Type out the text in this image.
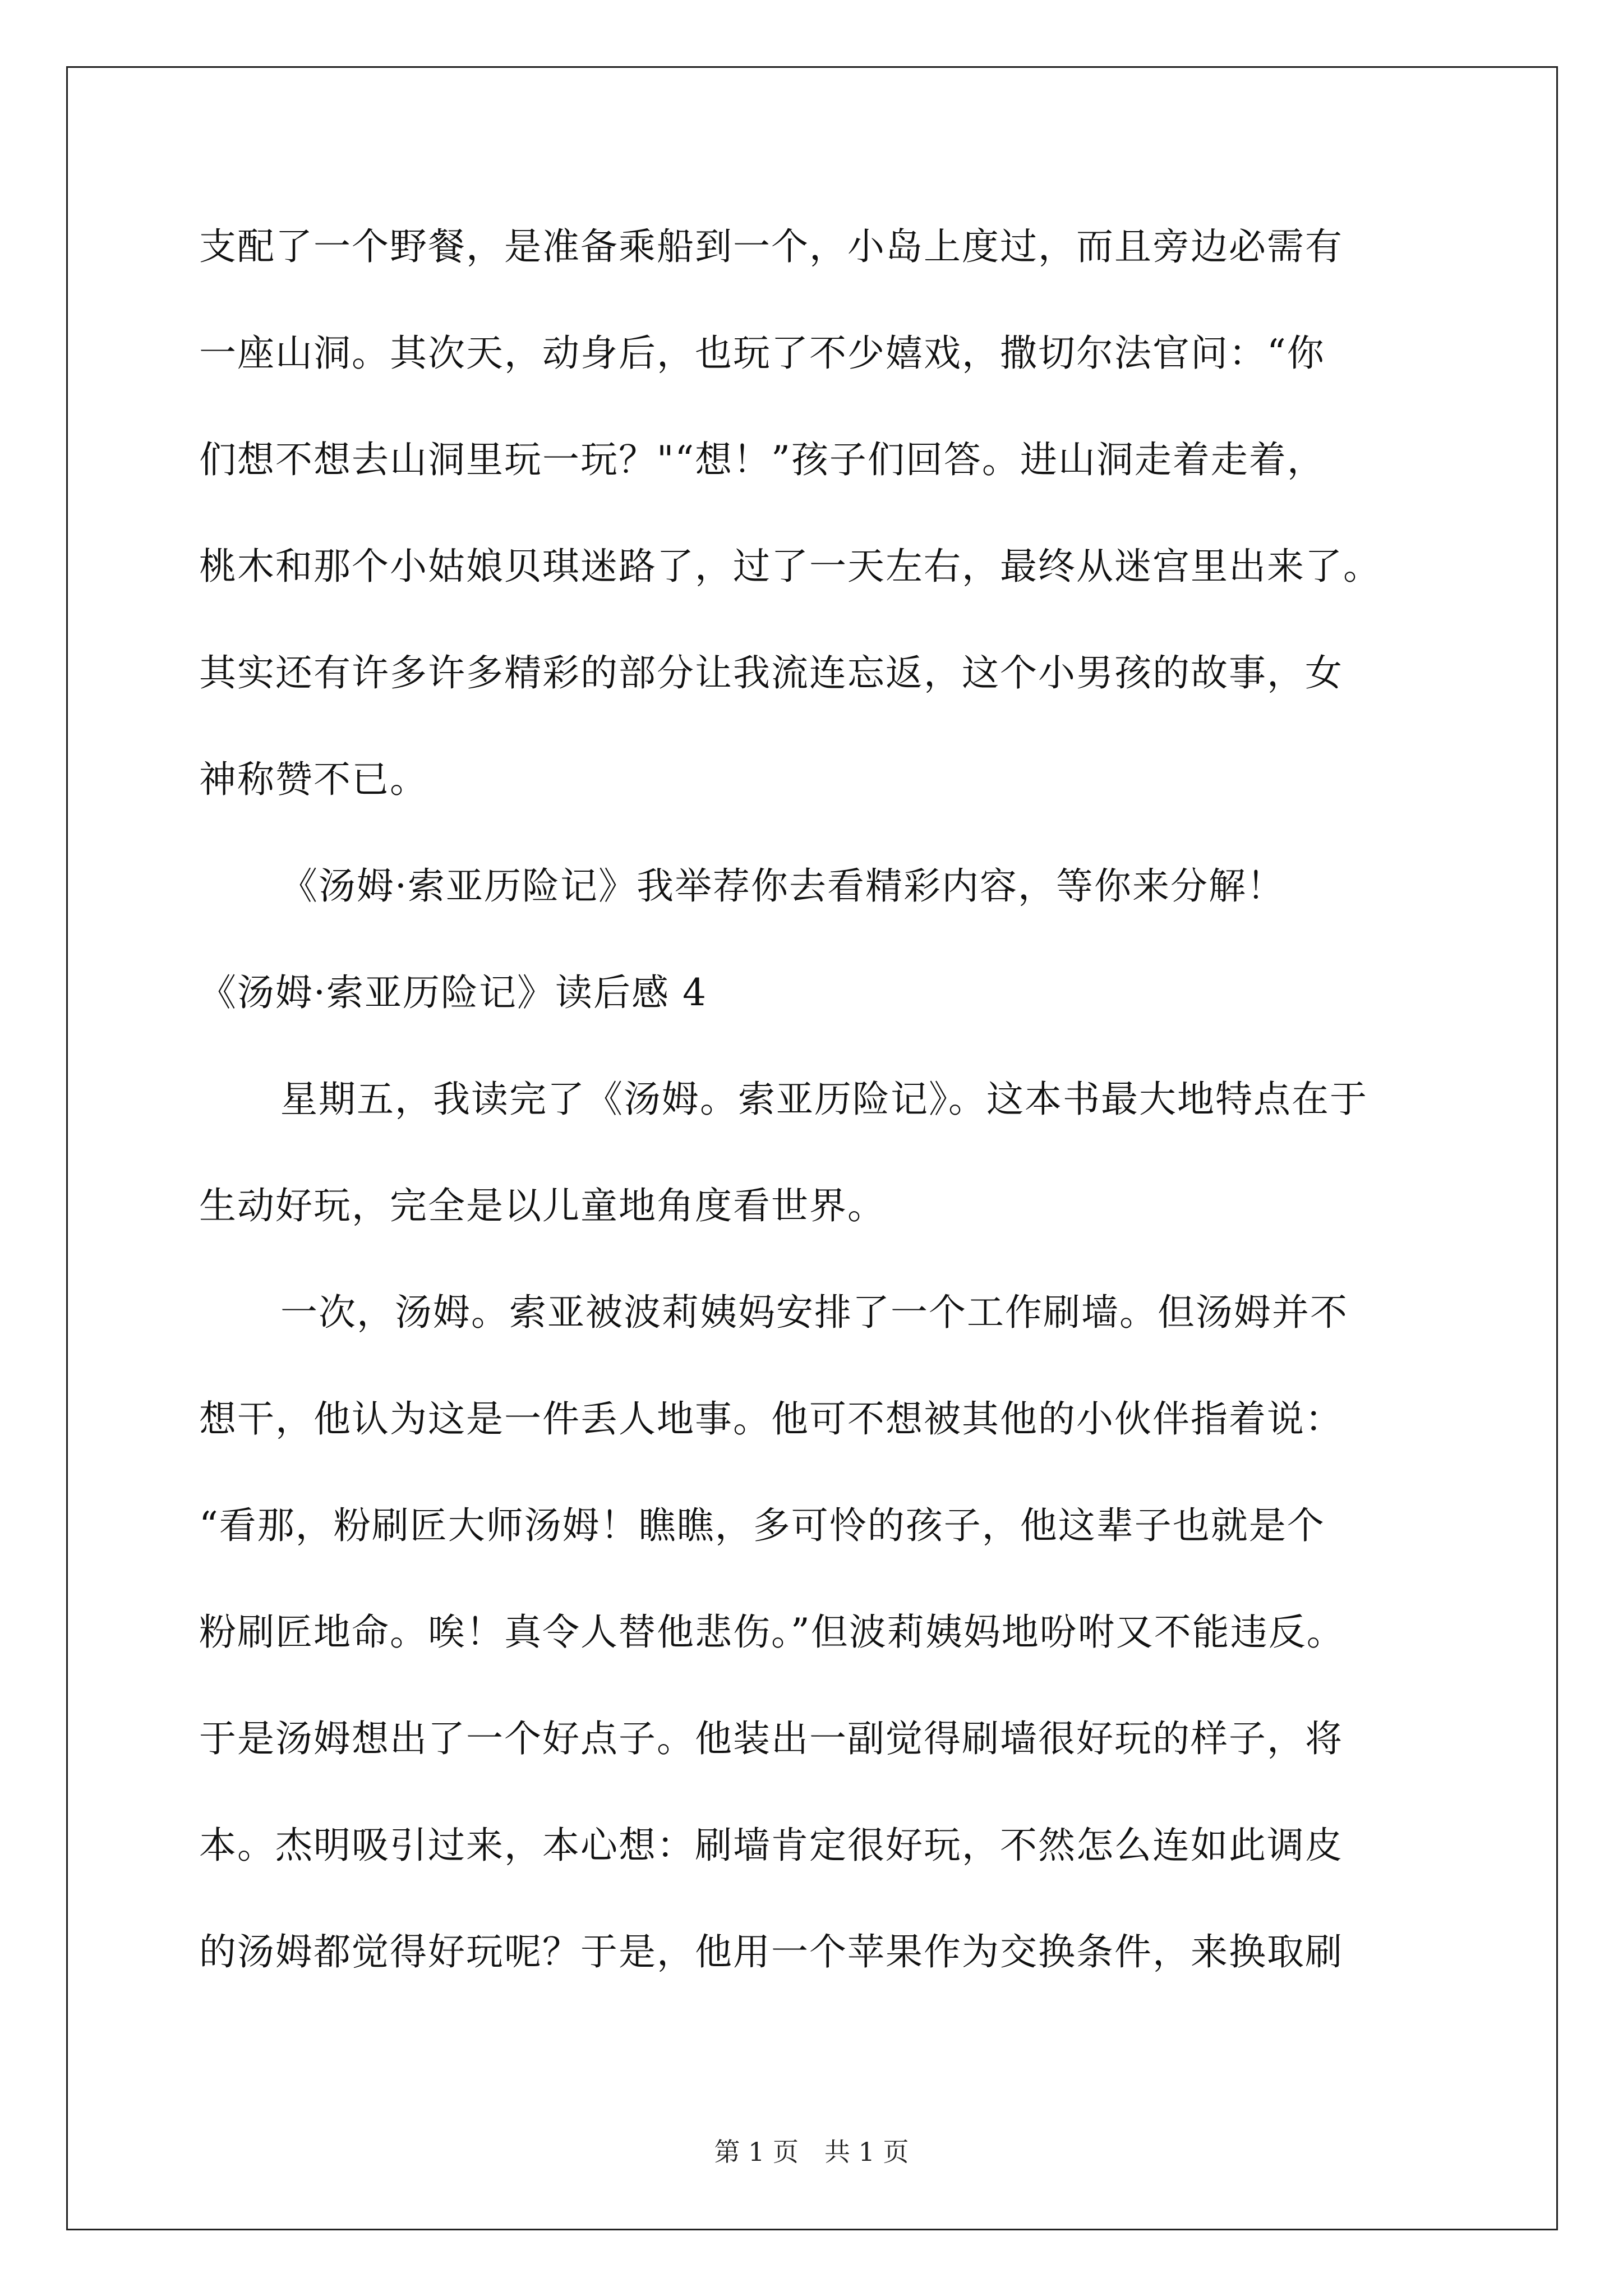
支配了一个野餐，是准备乘船到一个，小岛上度过，而且旁边必需有
一座山洞。其次天，动身后，也玩了不少嬉戏，撒切尔法官问：“你
们想不想去山洞里玩一玩？"“想！”孩子们回答。进山洞走着走着，
桃木和那个小姑娘贝琪迷路了，过了一天左右，最终从迷宫里出来了。
其实还有许多许多精彩的部分让我流连忘返，这个小男孩的故事，女
神称赞不已。
《汤姆·索亚历险记》我举荐你去看精彩内容，等你来分解！
《汤姆·索亚历险记》读后感 4
星期五，我读完了《汤姆。索亚历险记》。这本书最大地特点在于
生动好玩，完全是以儿童地角度看世界。
一次，汤姆。索亚被波莉姨妈安排了一个工作刷墙。但汤姆并不
想干，他认为这是一件丢人地事。他可不想被其他的小伙伴指着说：
“看那，粉刷匠大师汤姆！瞧瞧，多可怜的孩子，他这辈子也就是个
粉刷匠地命。唉！真令人替他悲伤。”但波莉姨妈地吩咐又不能违反。
于是汤姆想出了一个好点子。他装出一副觉得刷墙很好玩的样子，将
本。杰明吸引过来，本心想：刷墙肯定很好玩，不然怎么连如此调皮
的汤姆都觉得好玩呢？于是，他用一个苹果作为交换条件，来换取刷
第 1 页 共 1 页
